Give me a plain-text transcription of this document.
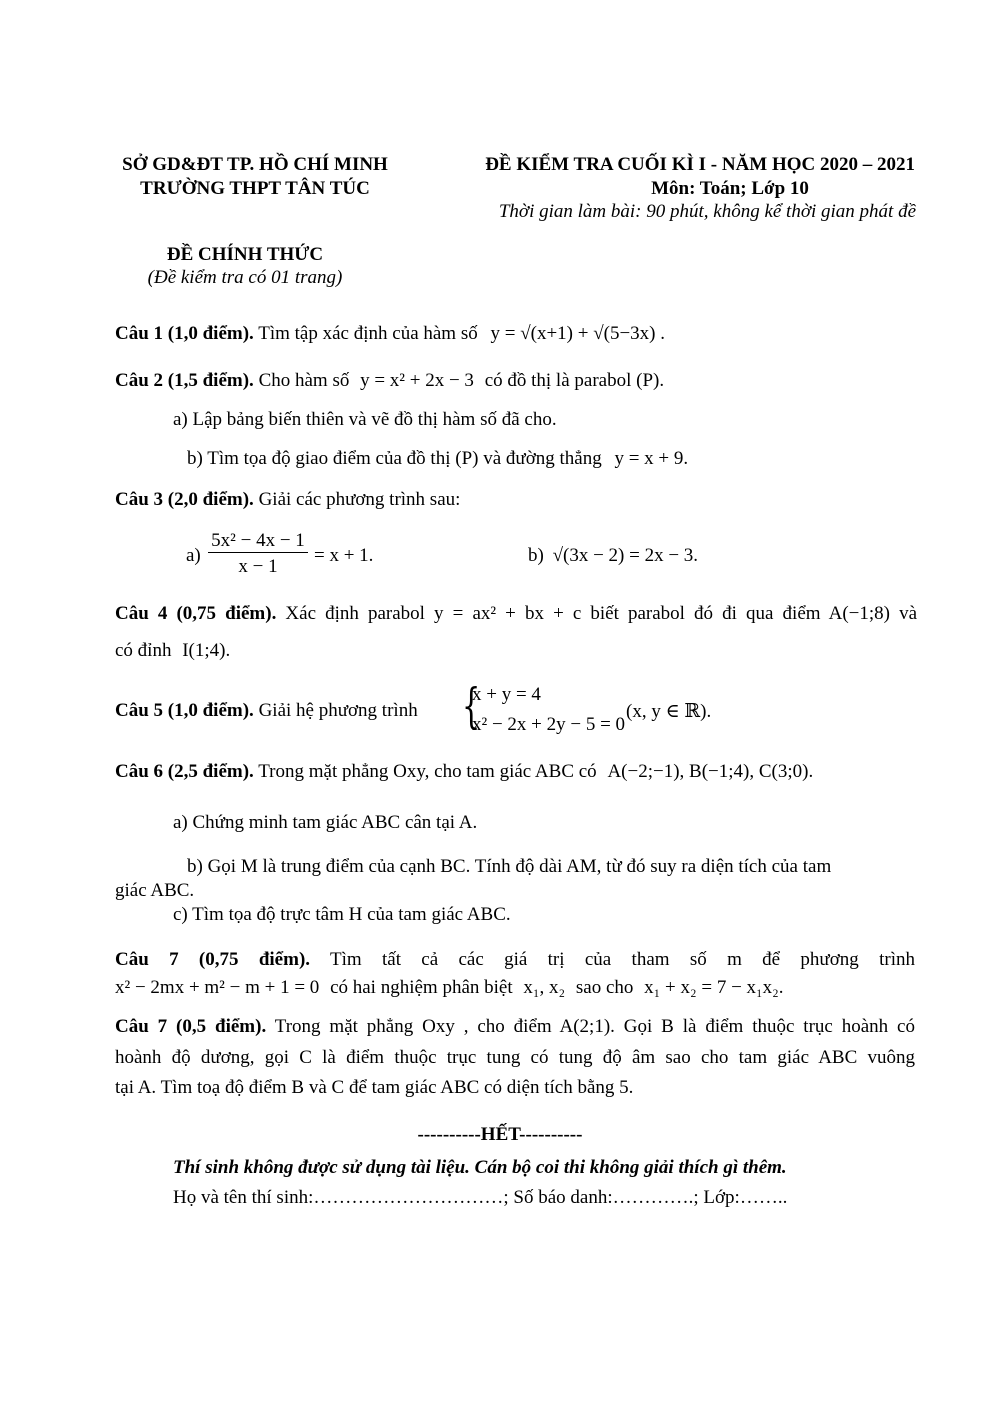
SỞ GD&ĐT TP. HỒ CHÍ MINH
TRƯỜNG THPT TÂN TÚC
ĐỀ KIỂM TRA CUỐI KÌ I - NĂM HỌC 2020 – 2021
Môn: Toán; Lớp 10
Thời gian làm bài: 90 phút, không kể thời gian phát đề
ĐỀ CHÍNH THỨC
(Đề kiểm tra có 01 trang)
Câu 1 (1,0 điểm). Tìm tập xác định của hàm số y = √(x+1) + √(5−3x) .
Câu 2 (1,5 điểm). Cho hàm số y = x² + 2x − 3 có đồ thị là parabol (P).
a) Lập bảng biến thiên và vẽ đồ thị hàm số đã cho.
b) Tìm tọa độ giao điểm của đồ thị (P) và đường thẳng y = x + 9.
Câu 3 (2,0 điểm). Giải các phương trình sau:
a)
5x² − 4x − 1
x − 1
= x + 1.	b) √(3x − 2) = 2x − 3.
Câu 4 (0,75 điểm). Xác định parabol y = ax² + bx + c biết parabol đó đi qua điểm A(−1;8) và
có đỉnh I(1;4).
Câu 5 (1,0 điểm). Giải hệ phương trình {
x + y = 4
x² − 2x + 2y − 5 = 0
(x, y ∈ ℝ).
Câu 6 (2,5 điểm). Trong mặt phẳng Oxy, cho tam giác ABC có A(−2;−1), B(−1;4), C(3;0).
a) Chứng minh tam giác ABC cân tại A.
b) Gọi M là trung điểm của cạnh BC. Tính độ dài AM, từ đó suy ra diện tích của tam
giác ABC.
c) Tìm tọa độ trực tâm H của tam giác ABC.
Câu 7 (0,75 điểm). Tìm tất cả các giá trị của tham số m để phương trình
x² − 2mx + m² − m + 1 = 0 có hai nghiệm phân biệt x₁, x₂ sao cho x₁ + x₂ = 7 − x₁x₂.
Câu 7 (0,5 điểm). Trong mặt phẳng Oxy , cho điểm A(2;1). Gọi B là điểm thuộc trục hoành có
hoành độ dương, gọi C là điểm thuộc trục tung có tung độ âm sao cho tam giác ABC vuông
tại A. Tìm toạ độ điểm B và C để tam giác ABC có diện tích bằng 5.
----------HẾT----------
Thí sinh không được sử dụng tài liệu. Cán bộ coi thi không giải thích gì thêm.
Họ và tên thí sinh:…………………………; Số báo danh:………….; Lớp:……..
